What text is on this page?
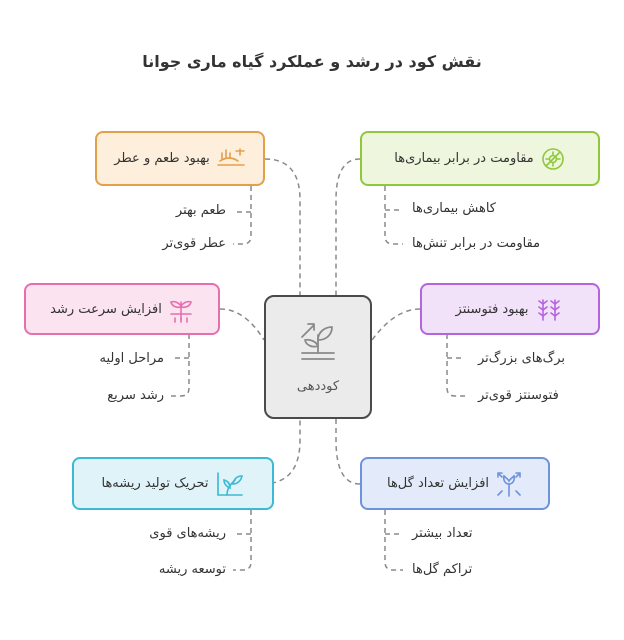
نقش کود در رشد و عملکرد گیاه ماری جوانا
کوددهی
بهبود طعم و عطر
طعم بهتر
عطر قوی‌تر
مقاومت در برابر بیماری‌ها
کاهش بیماری‌ها
مقاومت در برابر تنش‌ها
افزایش سرعت رشد
مراحل اولیه
رشد سریع
بهبود فتوسنتز
برگ‌های بزرگ‌تر
فتوسنتز قوی‌تر
تحریک تولید ریشه‌ها
ریشه‌های قوی
توسعه ریشه
افزایش تعداد گل‌ها
تعداد بیشتر
تراکم گل‌ها
